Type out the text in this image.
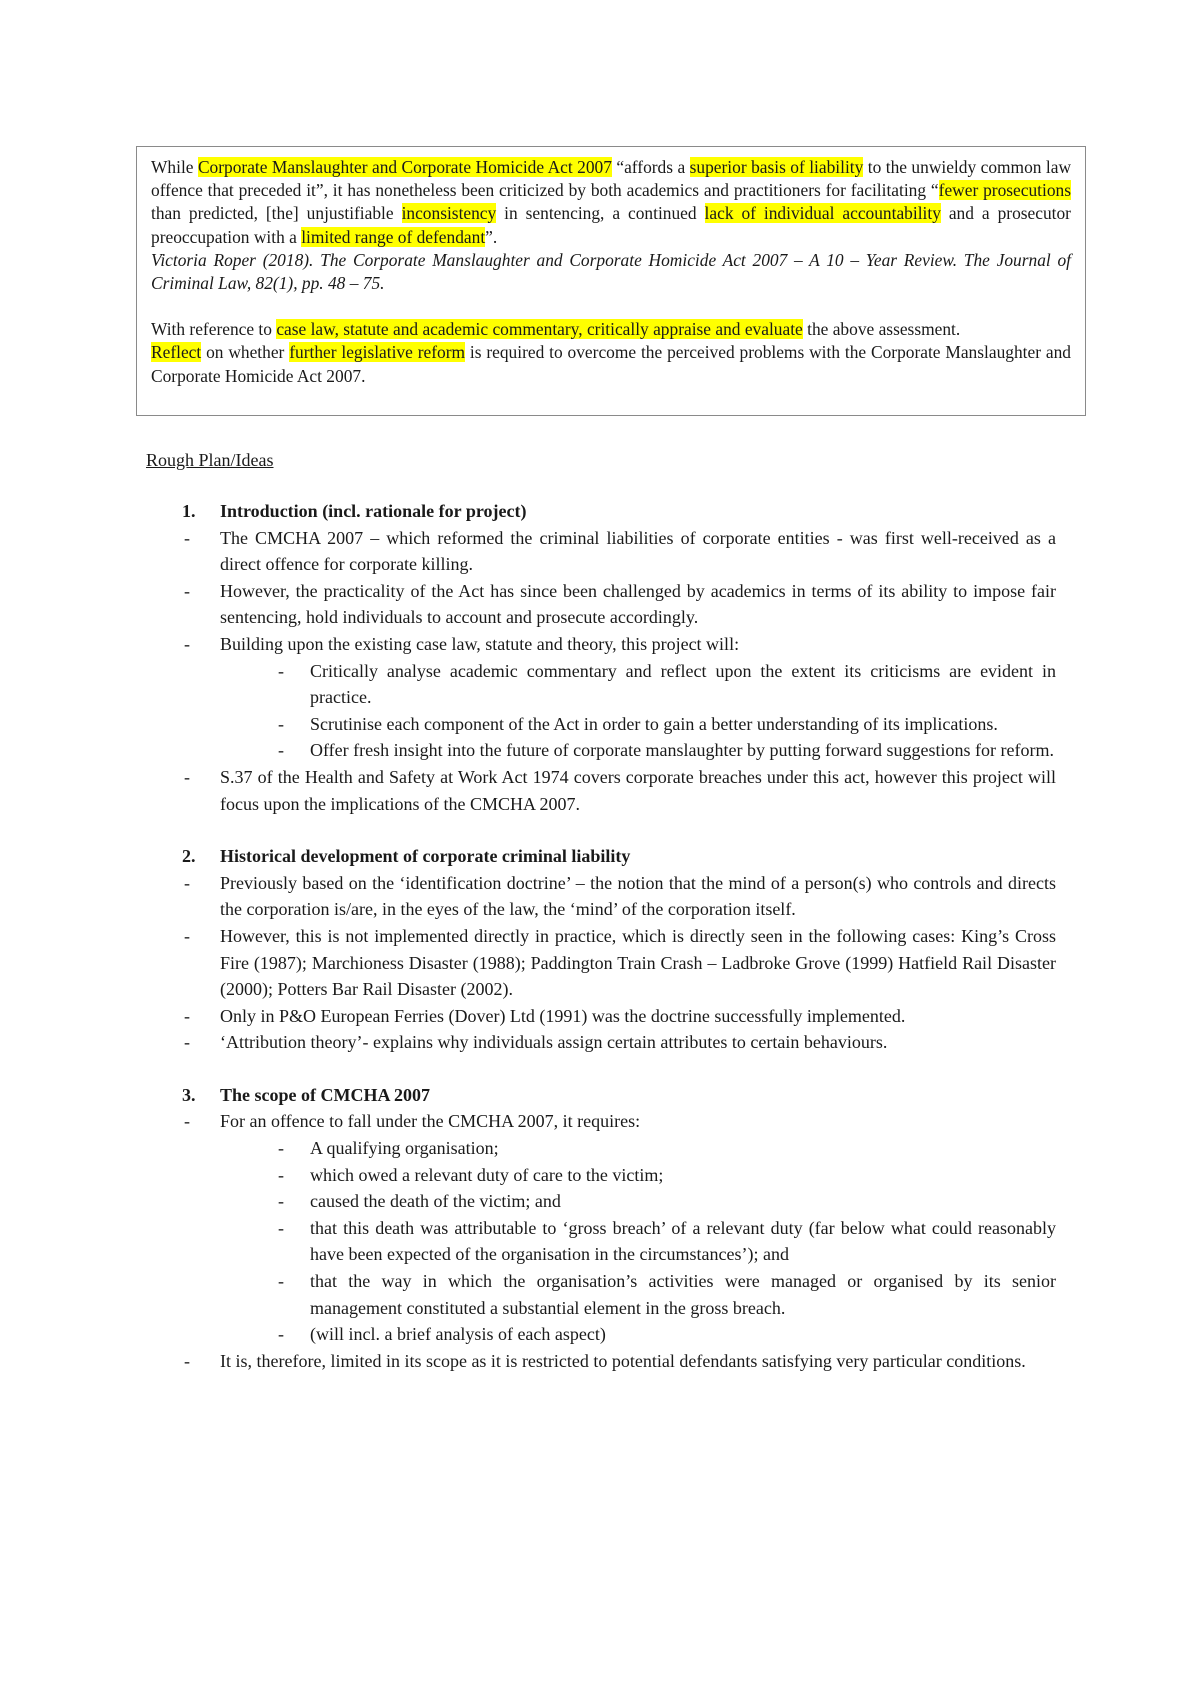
While Corporate Manslaughter and Corporate Homicide Act 2007 “affords a superior basis of liability to the unwieldy common law offence that preceded it”, it has nonetheless been criticized by both academics and practitioners for facilitating “fewer prosecutions than predicted, [the] unjustifiable inconsistency in sentencing, a continued lack of individual accountability and a prosecutor preoccupation with a limited range of defendant”.

Victoria Roper (2018). The Corporate Manslaughter and Corporate Homicide Act 2007 – A 10 – Year Review. The Journal of Criminal Law, 82(1), pp. 48 – 75.

With reference to case law, statute and academic commentary, critically appraise and evaluate the above assessment.

Reflect on whether further legislative reform is required to overcome the perceived problems with the Corporate Manslaughter and Corporate Homicide Act 2007.

Rough Plan/Ideas
1. Introduction (incl. rationale for project)
- The CMCHA 2007 – which reformed the criminal liabilities of corporate entities - was first well-received as a direct offence for corporate killing.
- However, the practicality of the Act has since been challenged by academics in terms of its ability to impose fair sentencing, hold individuals to account and prosecute accordingly.
- Building upon the existing case law, statute and theory, this project will:
- Critically analyse academic commentary and reflect upon the extent its criticisms are evident in practice.
- Scrutinise each component of the Act in order to gain a better understanding of its implications.
- Offer fresh insight into the future of corporate manslaughter by putting forward suggestions for reform.
- S.37 of the Health and Safety at Work Act 1974 covers corporate breaches under this act, however this project will focus upon the implications of the CMCHA 2007.
2. Historical development of corporate criminal liability
- Previously based on the ‘identification doctrine’ – the notion that the mind of a person(s) who controls and directs the corporation is/are, in the eyes of the law, the ‘mind’ of the corporation itself.
- However, this is not implemented directly in practice, which is directly seen in the following cases: King’s Cross Fire (1987); Marchioness Disaster (1988); Paddington Train Crash – Ladbroke Grove (1999) Hatfield Rail Disaster (2000); Potters Bar Rail Disaster (2002).
- Only in P&O European Ferries (Dover) Ltd (1991) was the doctrine successfully implemented.
- ‘Attribution theory’- explains why individuals assign certain attributes to certain behaviours.
3. The scope of CMCHA 2007
- For an offence to fall under the CMCHA 2007, it requires:
- A qualifying organisation;
- which owed a relevant duty of care to the victim;
- caused the death of the victim; and
- that this death was attributable to ‘gross breach’ of a relevant duty (far below what could reasonably have been expected of the organisation in the circumstances’); and
- that the way in which the organisation’s activities were managed or organised by its senior management constituted a substantial element in the gross breach.
- (will incl. a brief analysis of each aspect)
- It is, therefore, limited in its scope as it is restricted to potential defendants satisfying very particular conditions.
